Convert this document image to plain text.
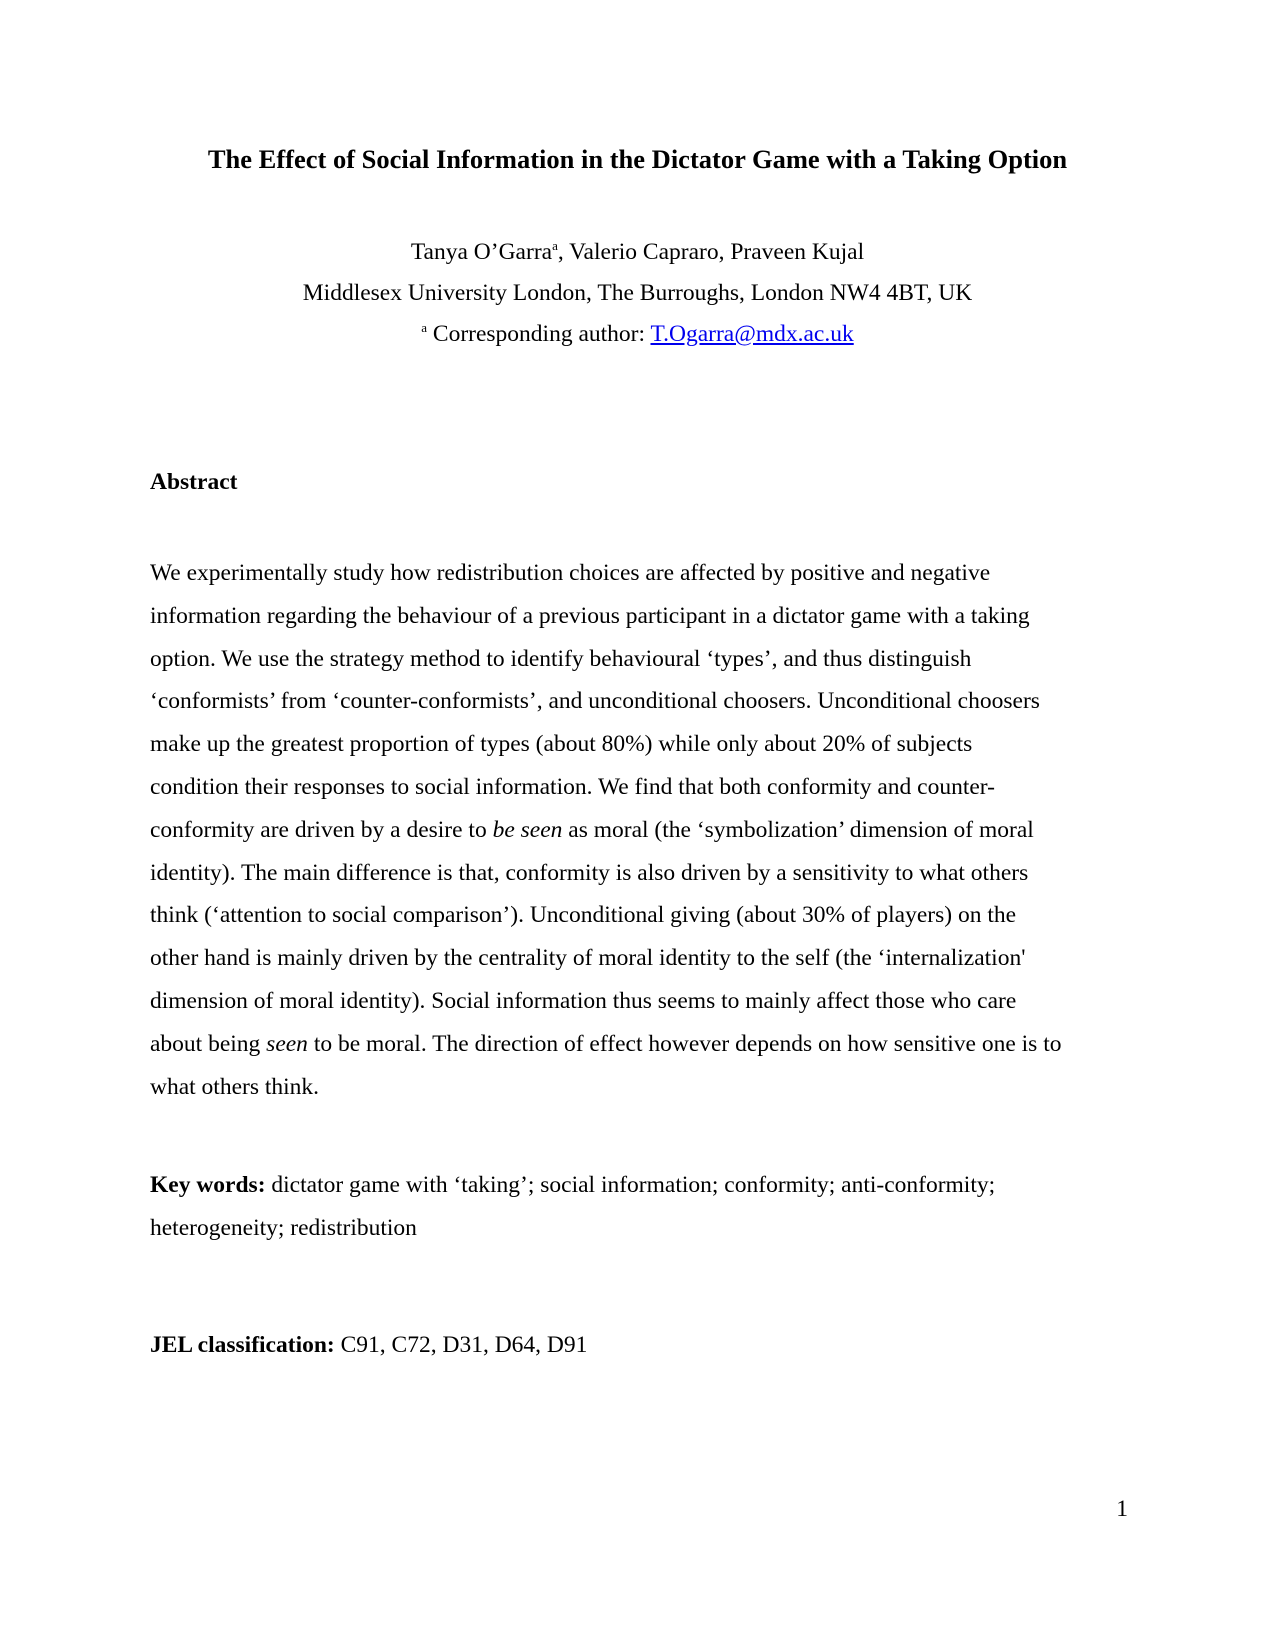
The Effect of Social Information in the Dictator Game with a Taking Option
Tanya O’Garra$^a$, Valerio Capraro, Praveen Kujal
Middlesex University London, The Burroughs, London NW4 4BT, UK
$^a$ Corresponding author: T.Ogarra@mdx.ac.uk
Abstract
We experimentally study how redistribution choices are affected by positive and negative
information regarding the behaviour of a previous participant in a dictator game with a taking
option. We use the strategy method to identify behavioural ‘types’, and thus distinguish
‘conformists’ from ‘counter-conformists’, and unconditional choosers. Unconditional choosers
make up the greatest proportion of types (about 80%) while only about 20% of subjects
condition their responses to social information. We find that both conformity and counter-
conformity are driven by a desire to be seen as moral (the ‘symbolization’ dimension of moral
identity). The main difference is that, conformity is also driven by a sensitivity to what others
think (‘attention to social comparison’). Unconditional giving (about 30% of players) on the
other hand is mainly driven by the centrality of moral identity to the self (the ‘internalization'
dimension of moral identity). Social information thus seems to mainly affect those who care
about being seen to be moral. The direction of effect however depends on how sensitive one is to
what others think.
Key words: dictator game with ‘taking’; social information; conformity; anti-conformity;
heterogeneity; redistribution
JEL classification: C91, C72, D31, D64, D91
1
